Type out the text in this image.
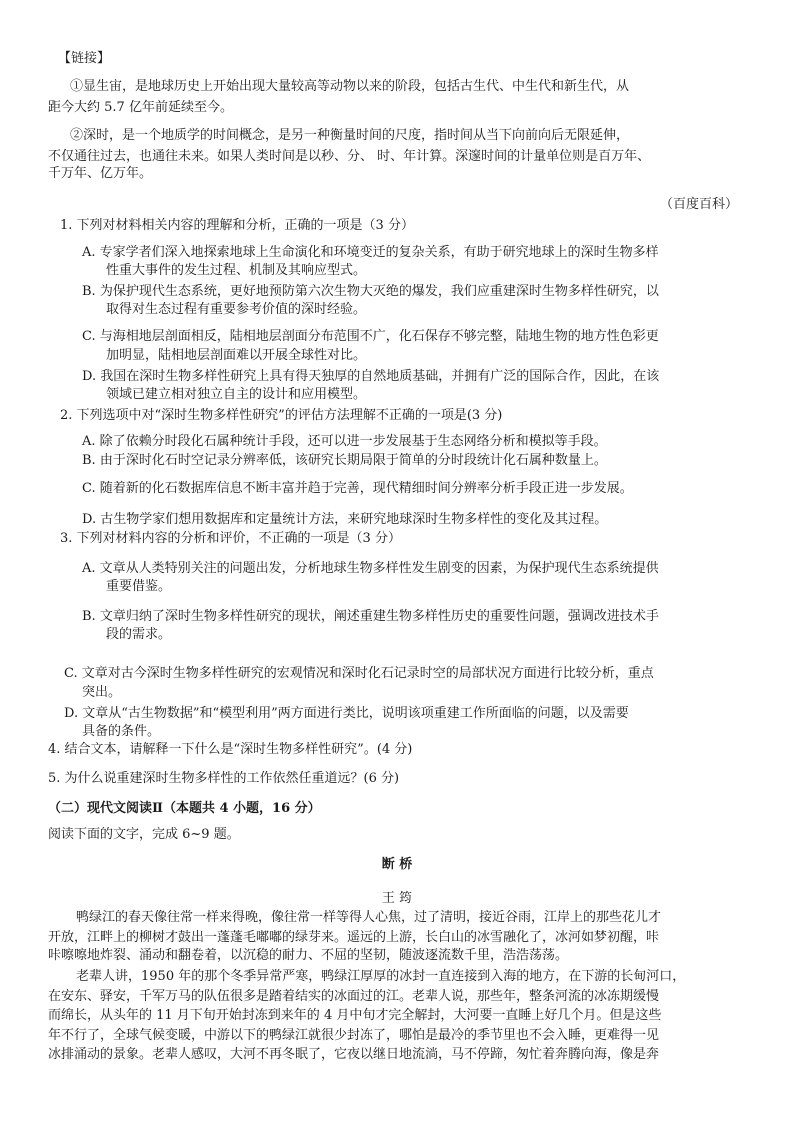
【链接】
①显生宙，是地球历史上开始出现大量较高等动物以来的阶段，包括古生代、中生代和新生代，从
距今大约 5.7 亿年前延续至今。
②深时，是一个地质学的时间概念，是另一种衡量时间的尺度，指时间从当下向前向后无限延伸，
不仅通往过去，也通往未来。如果人类时间是以秒、分、 时、年计算。深邃时间的计量单位则是百万年、
千万年、亿万年。
（百度百科）
1. 下列对材料相关内容的理解和分析，正确的一项是（3 分）
A. 专家学者们深入地探索地球上生命演化和环境变迁的复杂关系，有助于研究地球上的深时生物多样
性重大事件的发生过程、机制及其响应型式。
B. 为保护现代生态系统，更好地预防第六次生物大灭绝的爆发，我们应重建深时生物多样性研究，以
取得对生态过程有重要参考价值的深时经验。
C. 与海相地层剖面相反，陆相地层剖面分布范围不广，化石保存不够完整，陆地生物的地方性色彩更
加明显，陆相地层剖面难以开展全球性对比。
D. 我国在深时生物多样性研究上具有得天独厚的自然地质基础，并拥有广泛的国际合作，因此，在该
领域已建立相对独立自主的设计和应用模型。
2. 下列选项中对“深时生物多样性研究”的评估方法理解不正确的一项是(3 分)
A. 除了依赖分时段化石属种统计手段，还可以进一步发展基于生态网络分析和模拟等手段。
B. 由于深时化石时空记录分辨率低，该研究长期局限于简单的分时段统计化石属种数量上。
C. 随着新的化石数据库信息不断丰富并趋于完善，现代精细时间分辨率分析手段正进一步发展。
D. 古生物学家们想用数据库和定量统计方法，来研究地球深时生物多样性的变化及其过程。
3. 下列对材料内容的分析和评价，不正确的一项是（3 分）
A. 文章从人类特别关注的问题出发，分析地球生物多样性发生剧变的因素，为保护现代生态系统提供
重要借鉴。
B. 文章归纳了深时生物多样性研究的现状，阐述重建生物多样性历史的重要性问题，强调改进技术手
段的需求。
C. 文章对古今深时生物多样性研究的宏观情况和深时化石记录时空的局部状况方面进行比较分析，重点
突出。
D. 文章从“古生物数据”和“模型利用”两方面进行类比，说明该项重建工作所面临的问题，以及需要
具备的条件。
4. 结合文本，请解释一下什么是“深时生物多样性研究”。(4 分)
5. 为什么说重建深时生物多样性的工作依然任重道远？(6 分)
（二）现代文阅读Ⅱ（本题共 4 小题，16 分）
阅读下面的文字，完成 6~9 题。
断 桥
王 筠
鸭绿江的春天像往常一样来得晚，像往常一样等得人心焦，过了清明，接近谷雨，江岸上的那些花儿才
开放，江畔上的柳树才鼓出一蓬蓬毛嘟嘟的绿芽来。遥远的上游，长白山的冰雪融化了，冰河如梦初醒，咔
咔嚓嚓地炸裂、涌动和翻卷着，以沉稳的耐力、不屈的坚韧，随波逐流数千里，浩浩荡荡。
老辈人讲，1950 年的那个冬季异常严寒，鸭绿江厚厚的冰封一直连接到入海的地方，在下游的长甸河口，
在安东、驿安，千军万马的队伍很多是踏着结实的冰面过的江。老辈人说，那些年，整条河流的冰冻期缓慢
而绵长，从头年的 11 月下旬开始封冻到来年的 4 月中旬才完全解封，大河要一直睡上好几个月。但是这些
年不行了，全球气候变暖，中游以下的鸭绿江就很少封冻了，哪怕是最冷的季节里也不会入睡，更难得一见
冰排涌动的景象。老辈人感叹，大河不再冬眠了，它夜以继日地流淌，马不停蹄，匆忙着奔腾向海，像是奔
